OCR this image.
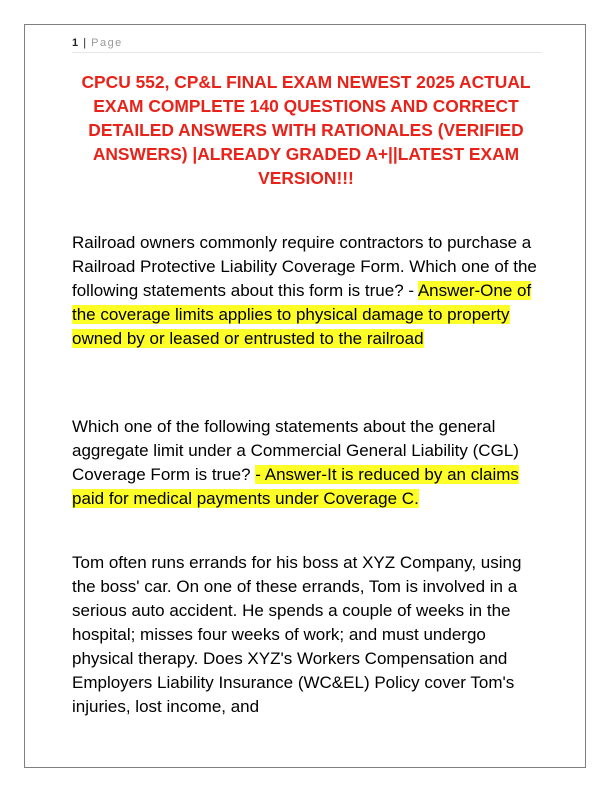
1 | Page
CPCU 552, CP&L FINAL EXAM NEWEST 2025 ACTUAL EXAM COMPLETE 140 QUESTIONS AND CORRECT DETAILED ANSWERS WITH RATIONALES (VERIFIED ANSWERS) |ALREADY GRADED A+||LATEST EXAM VERSION!!!
Railroad owners commonly require contractors to purchase a Railroad Protective Liability Coverage Form. Which one of the following statements about this form is true? - Answer-One of the coverage limits applies to physical damage to property owned by or leased or entrusted to the railroad
Which one of the following statements about the general aggregate limit under a Commercial General Liability (CGL) Coverage Form is true? - Answer-It is reduced by an claims paid for medical payments under Coverage C.
Tom often runs errands for his boss at XYZ Company, using the boss' car. On one of these errands, Tom is involved in a serious auto accident. He spends a couple of weeks in the hospital; misses four weeks of work; and must undergo physical therapy. Does XYZ's Workers Compensation and Employers Liability Insurance (WC&EL) Policy cover Tom's injuries, lost income, and
